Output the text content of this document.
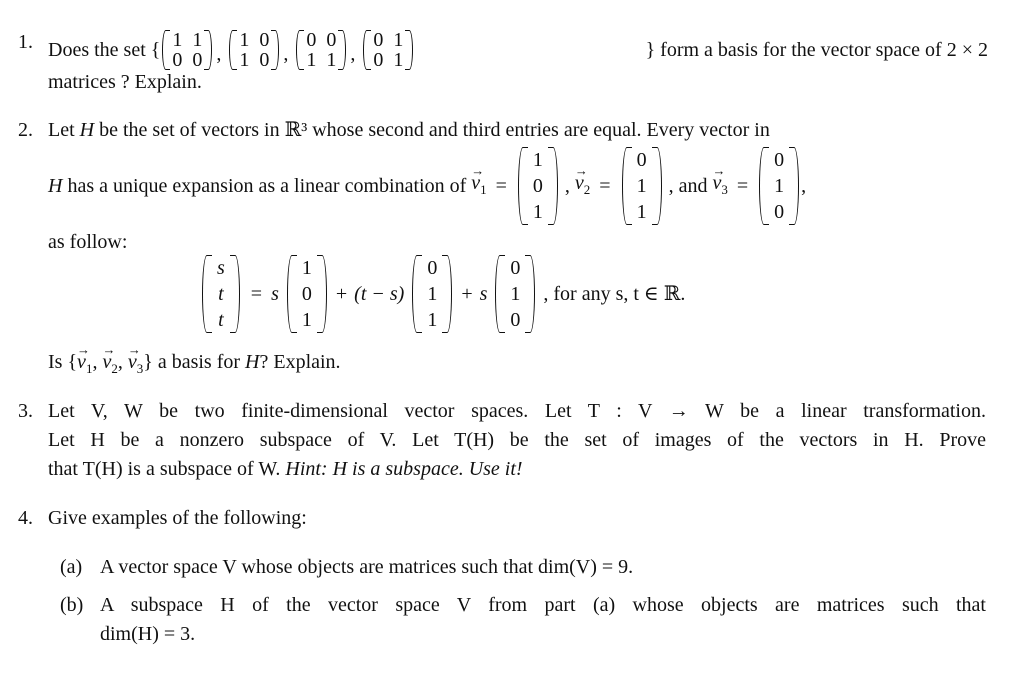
1. Does the set { 1 1
0 0 ,
1 0
1 0 ,
0 0
1 1 ,
0 1
0 1	} form a basis for the vector space of 2 × 2
matrices ? Explain.
2. Let H be the set of vectors in ℝ³ whose second and third entries are equal. Every vector in
H has a unique expansion as a linear combination of → $v_1$ =
1
0
1
, → $v_2$ =
0
1
1
, and → $v_3$ =
0
1
0
,
as follow:
s
t
t
= s
1
0
1
+ (t − s)
0
1
1
+ s
0
1
0
, for any s, t ∈ ℝ.
Is {→ $v_1$, → $v_2$, → $v_3$} a basis for H? Explain.
3. Let V, W be two finite-dimensional vector spaces. Let T : V → W be a linear transformation.
Let H be a nonzero subspace of V. Let T(H) be the set of images of the vectors in H. Prove
that T(H) is a subspace of W. Hint: H is a subspace. Use it!
4. Give examples of the following:
(a) A vector space V whose objects are matrices such that dim(V) = 9.
(b) A subspace H of the vector space V from part (a) whose objects are matrices such that
dim(H) = 3.
